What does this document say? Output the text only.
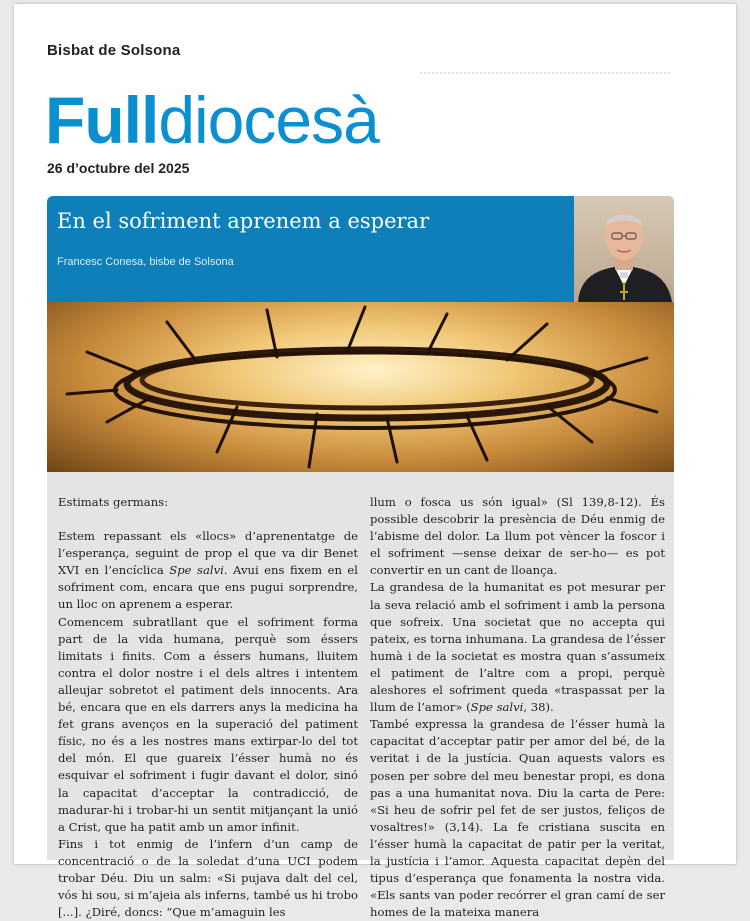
Bisbat de Solsona
Fulldiocesà
26 d’octubre del 2025
En el sofriment aprenem a esperar
Francesc Conesa, bisbe de Solsona

Estimats germans:

Estem repassant els «llocs» d’aprenentatge de l’esperança, seguint de prop el que va dir Benet XVI en l’encíclica Spe salvi. Avui ens fixem en el sofriment com, encara que ens pugui sorprendre, un lloc on aprenem a esperar.

Comencem subratllant que el sofriment forma part de la vida humana, perquè som éssers limitats i finits. Com a éssers humans, lluitem contra el dolor nostre i el dels altres i intentem alleujar sobretot el patiment dels innocents. Ara bé, encara que en els darrers anys la medicina ha fet grans avenços en la superació del patiment físic, no és a les nostres mans extirpar-lo del tot del món. El que guareix l’ésser humà no és esquivar el sofriment i fugir davant el dolor, sinó la capacitat d’acceptar la contradicció, de madurar-hi i trobar-hi un sentit mitjançant la unió a Crist, que ha patit amb un amor infinit.

Fins i tot enmig de l’infern d’un camp de concentració o de la soledat d’una UCI podem trobar Déu. Diu un salm: «Si pujava dalt del cel, vós hi sou, si m’ajeia als inferns, també us hi trobo [...]. ¿Diré, doncs: “Que m’amaguin les

llum o fosca us són igual» (Sl 139,8-12). És possible descobrir la presència de Déu enmig de l’abisme del dolor. La llum pot vèncer la foscor i el sofriment —sense deixar de ser-ho— es pot convertir en un cant de lloança.

La grandesa de la humanitat es pot mesurar per la seva relació amb el sofriment i amb la persona que sofreix. Una societat que no accepta qui pateix, es torna inhumana. La grandesa de l’ésser humà i de la societat es mostra quan s’assumeix el patiment de l’altre com a propi, perquè aleshores el sofriment queda «traspassat per la llum de l’amor» (Spe salvi, 38).

També expressa la grandesa de l’ésser humà la capacitat d’acceptar patir per amor del bé, de la veritat i de la justícia. Quan aquests valors es posen per sobre del meu benestar propi, es dona pas a una humanitat nova. Diu la carta de Pere: «Si heu de sofrir pel fet de ser justos, feliços de vosaltres!» (3,14). La fe cristiana suscita en l’ésser humà la capacitat de patir per la veritat, la justícia i l’amor. Aquesta capacitat depèn del tipus d’esperança que fonamenta la nostra vida. «Els sants van poder recórrer el gran camí de ser homes de la mateixa manera
